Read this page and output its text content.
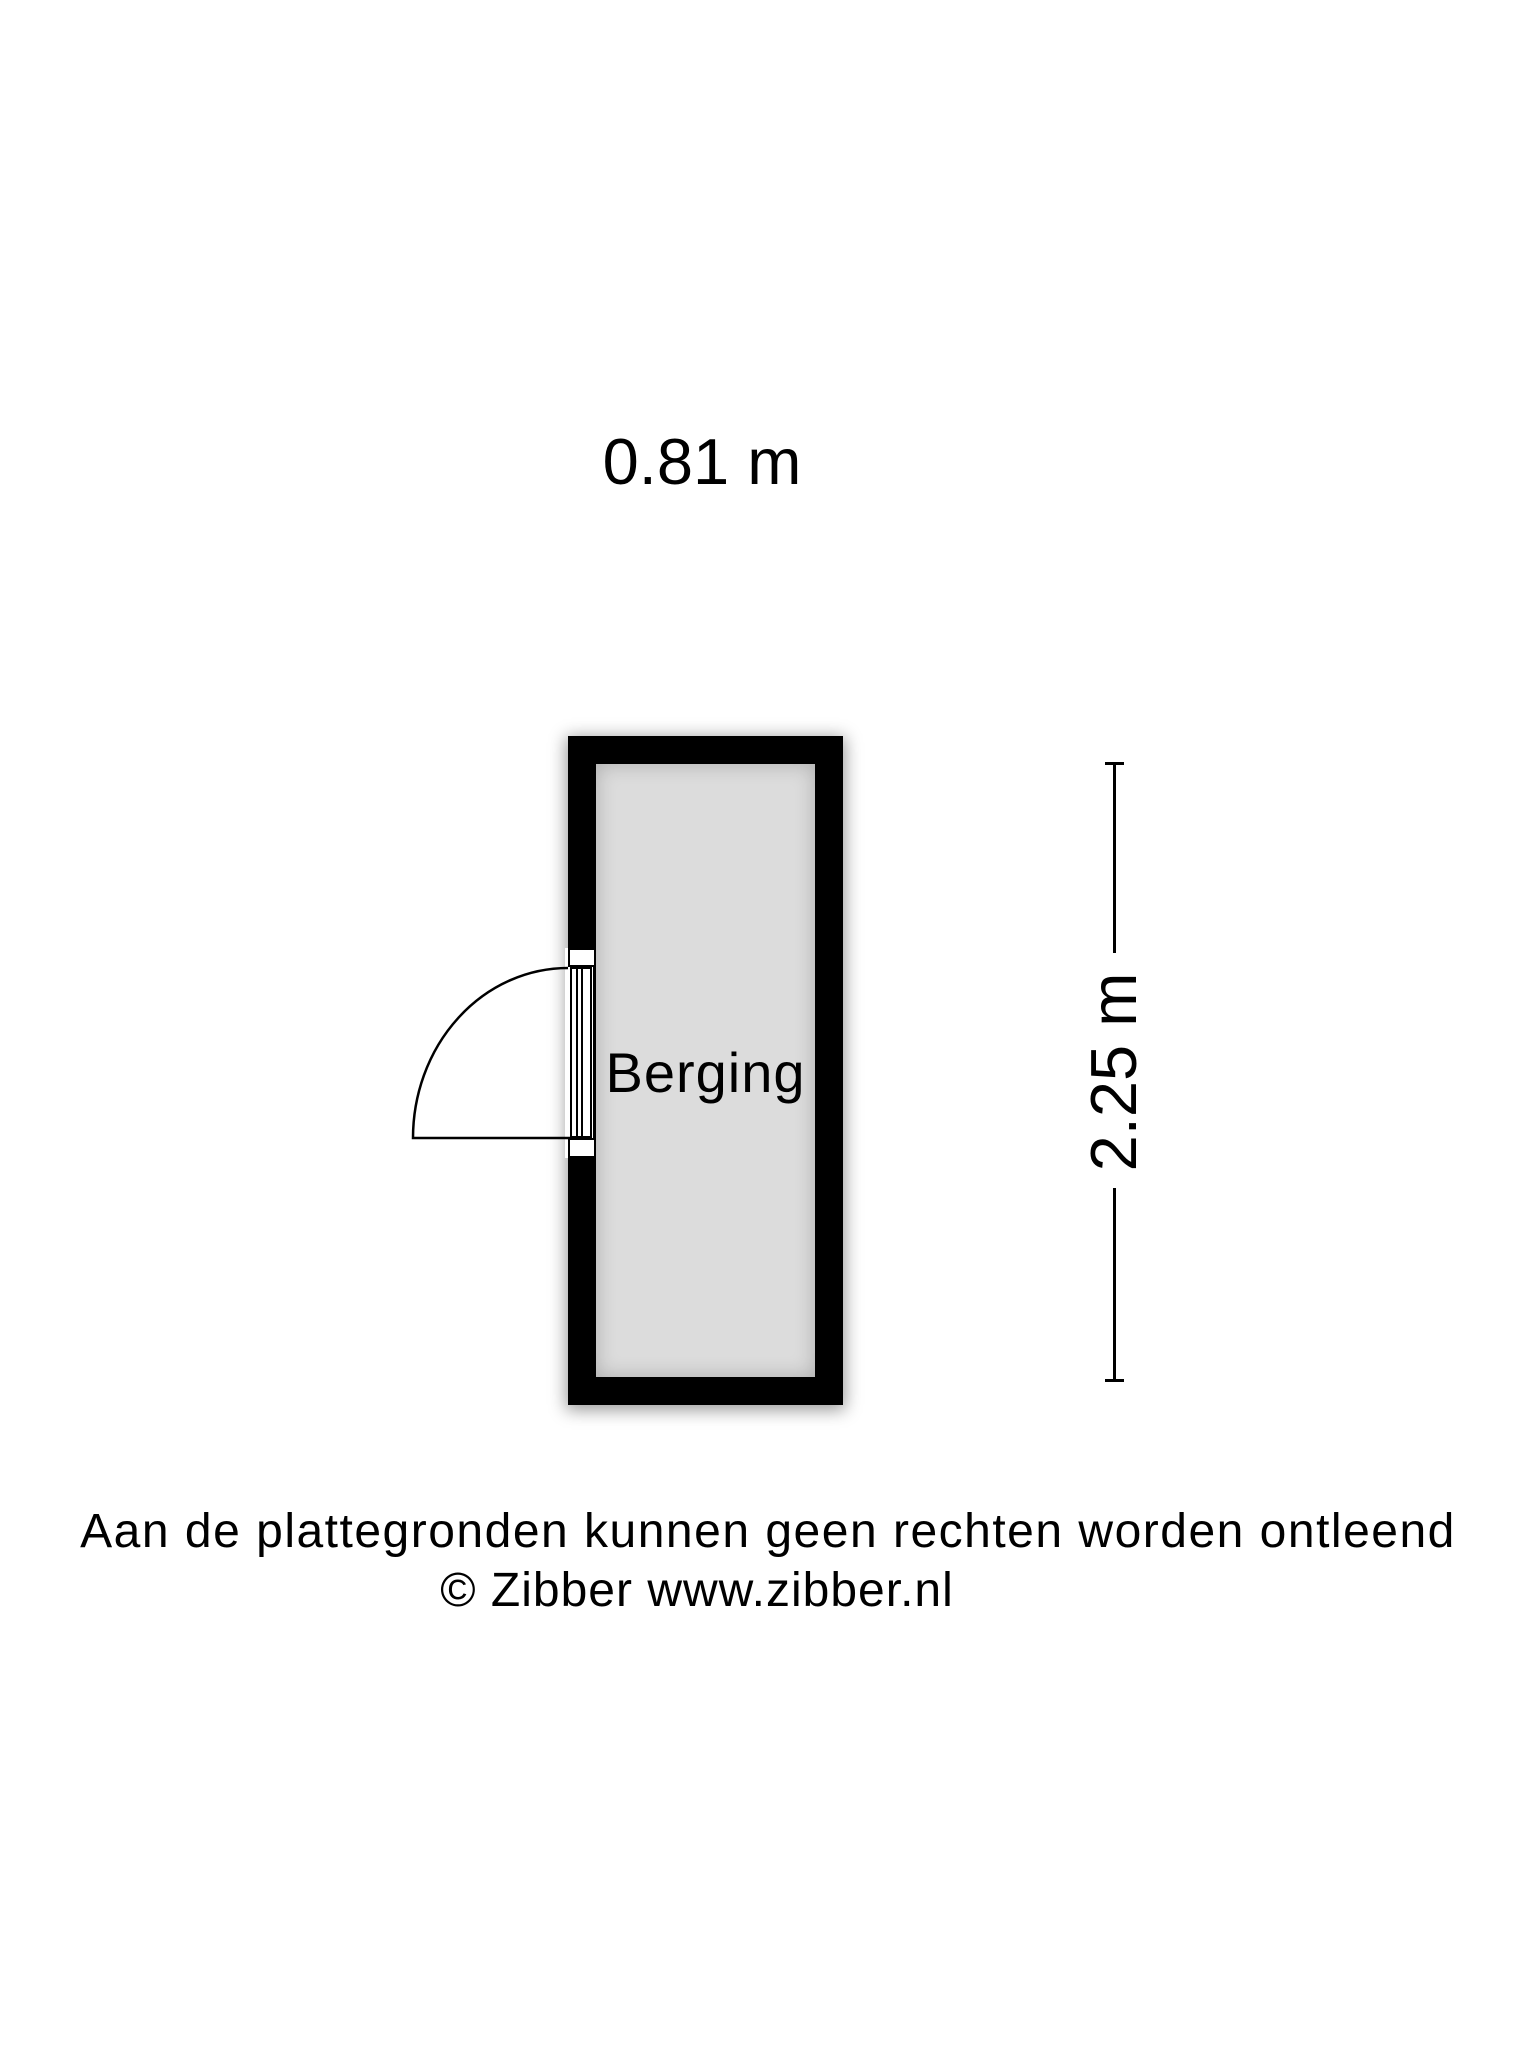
0.81 m
Berging	2.25 m
Aan de plattegronden kunnen geen rechten worden ontleend
© Zibber www.zibber.nl
